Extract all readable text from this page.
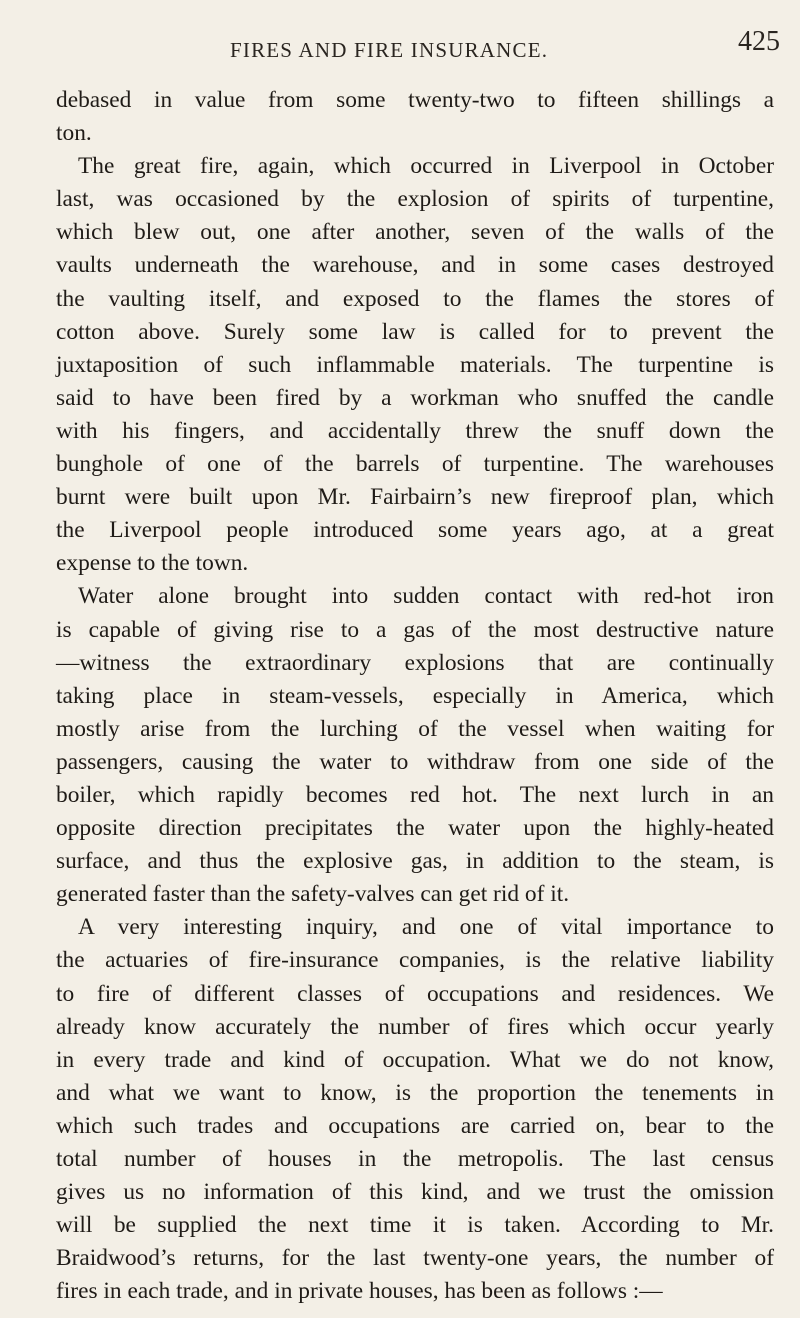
FIRES AND FIRE INSURANCE.	425
debased in value from some twenty-two to fifteen shillings a
ton.
The great fire, again, which occurred in Liverpool in October
last, was occasioned by the explosion of spirits of turpentine,
which blew out, one after another, seven of the walls of the
vaults underneath the warehouse, and in some cases destroyed
the vaulting itself, and exposed to the flames the stores of
cotton above. Surely some law is called for to prevent the
juxtaposition of such inflammable materials. The turpentine is
said to have been fired by a workman who snuffed the candle
with his fingers, and accidentally threw the snuff down the
bunghole of one of the barrels of turpentine. The warehouses
burnt were built upon Mr. Fairbairn’s new fireproof plan, which
the Liverpool people introduced some years ago, at a great
expense to the town.
Water alone brought into sudden contact with red-hot iron
is capable of giving rise to a gas of the most destructive nature
—witness the extraordinary explosions that are continually
taking place in steam-vessels, especially in America, which
mostly arise from the lurching of the vessel when waiting for
passengers, causing the water to withdraw from one side of the
boiler, which rapidly becomes red hot. The next lurch in an
opposite direction precipitates the water upon the highly-heated
surface, and thus the explosive gas, in addition to the steam, is
generated faster than the safety-valves can get rid of it.
A very interesting inquiry, and one of vital importance to
the actuaries of fire-insurance companies, is the relative liability
to fire of different classes of occupations and residences. We
already know accurately the number of fires which occur yearly
in every trade and kind of occupation. What we do not know,
and what we want to know, is the proportion the tenements in
which such trades and occupations are carried on, bear to the
total number of houses in the metropolis. The last census
gives us no information of this kind, and we trust the omission
will be supplied the next time it is taken. According to Mr.
Braidwood’s returns, for the last twenty-one years, the number of
fires in each trade, and in private houses, has been as follows :—
